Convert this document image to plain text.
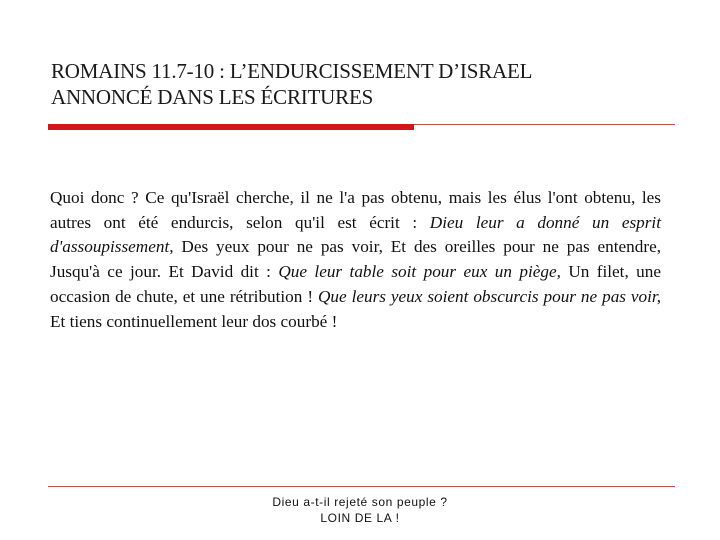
ROMAINS 11.7-10 : L’ENDURCISSEMENT D’ISRAEL
ANNONCÉ DANS LES ÉCRITURES
Quoi donc ? Ce qu'Israël cherche, il ne l'a pas obtenu, mais les élus l'ont obtenu, les autres ont été endurcis, selon qu'il est écrit : Dieu leur a donné un esprit d'assoupissement, Des yeux pour ne pas voir, Et des oreilles pour ne pas entendre, Jusqu'à ce jour. Et David dit : Que leur table soit pour eux un piège, Un filet, une occasion de chute, et une rétribution ! Que leurs yeux soient obscurcis pour ne pas voir, Et tiens continuellement leur dos courbé !
Dieu a-t-il rejeté son peuple ?
LOIN DE LA !
